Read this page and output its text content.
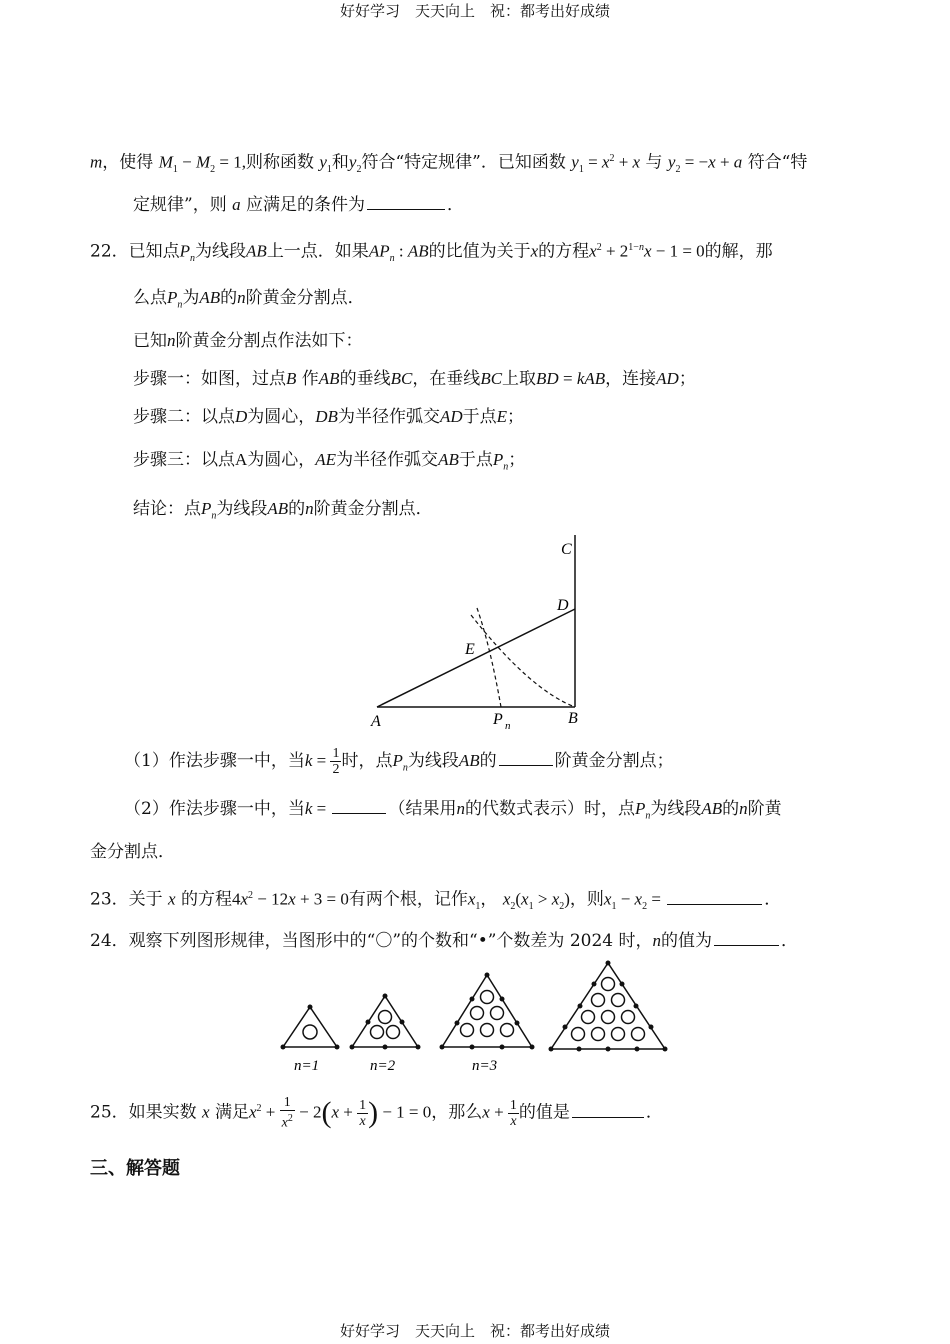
好好学习　天天向上　祝：都考出好成绩
m，使得 $M_1 - M_2 = 1$,则称函数 $y_1$和$y_2$符合“特定规律”．已知函数 $y_1 = x^2 + x$ 与 $y_2 = -x + a$ 符合“特
定规律”，则 a 应满足的条件为	．
22．已知点$P_n$为线段AB上一点．如果$AP_n$ : AB的比值为关于x的方程$x^2 + 2^{1-n}x - 1 = 0$的解，那
么点$P_n$为AB的n阶黄金分割点．
已知n阶黄金分割点作法如下：
步骤一：如图，过点B 作AB的垂线BC，在垂线BC上取BD = kAB，连接AD；
步骤二：以点D为圆心，DB为半径作弧交AD于点E；
步骤三：以点A为圆心，AE为半径作弧交AB于点$P_n$；
结论：点$P_n$为线段AB的n阶黄金分割点．
A	B
C
D
E
P n
（1）作法步骤一中，当$k = \frac{1}{2}$ 时，点$P_n$为线段AB的	阶黄金分割点；
（2）作法步骤一中，当k =	（结果用n的代数式表示）时，点$P_n$为线段AB的n阶黄
金分割点．
23．关于 x 的方程$4x^2 - 12x + 3 = 0$有两个根，记作$x_1$， $x_2(x_1 > x_2)$，则$x_1 - x_2$ =	．
24．观察下列图形规律，当图形中的“〇”的个数和“•”个数差为 2024 时，n的值为	．
n=1	n=2	n=3
25．如果实数 x 满足$x^2 + \frac{1}{x^2} - 2(x + \frac{1}{x}$ ) − 1 = 0，那么$x + \frac{1}{x}$ 的值是	．
三、解答题
好好学习　天天向上　祝：都考出好成绩
